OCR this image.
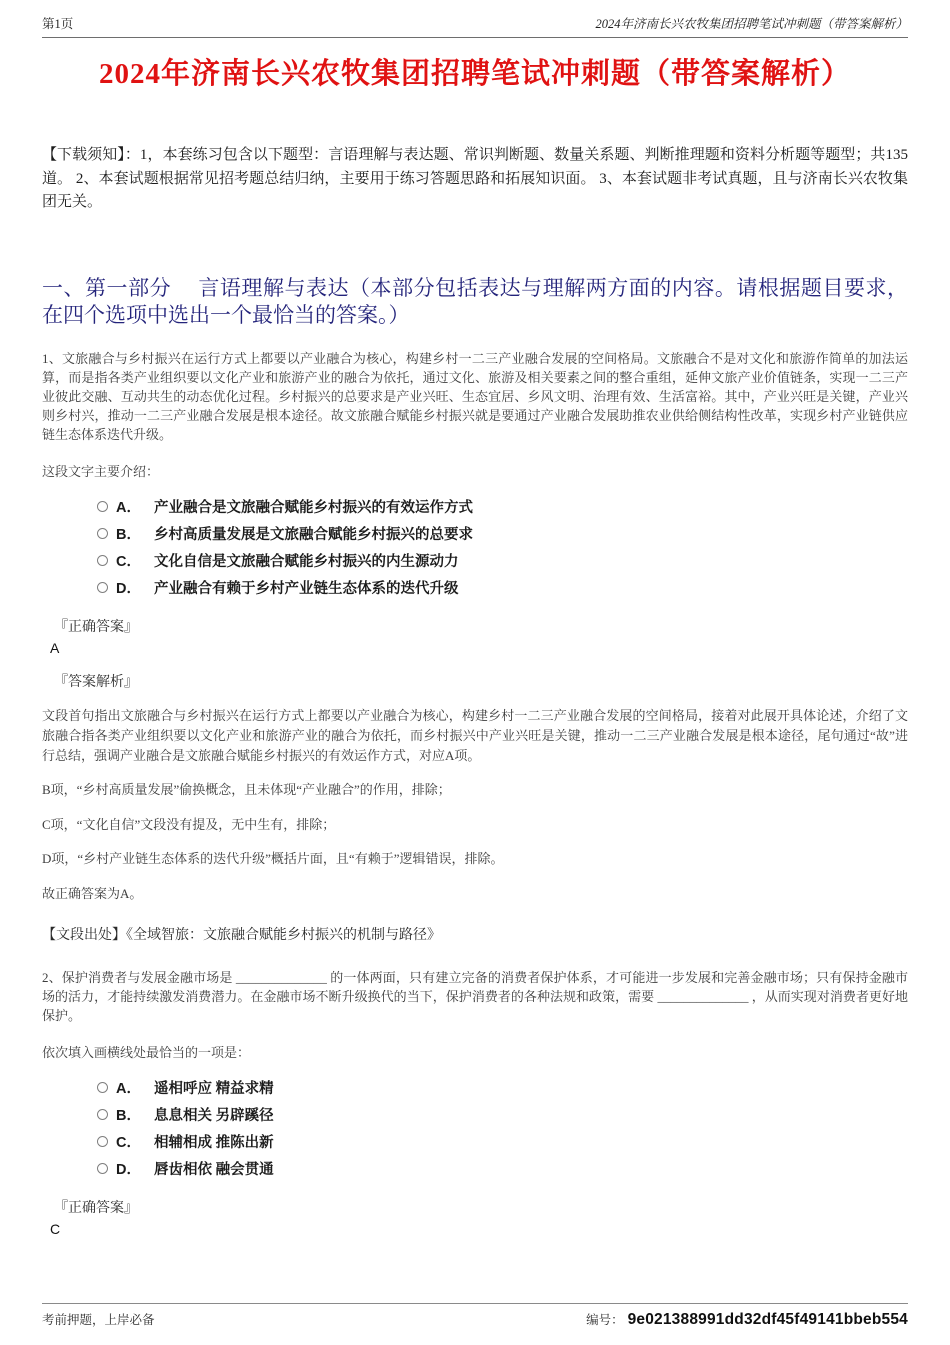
第1页	2024年济南长兴农牧集团招聘笔试冲刺题（带答案解析）
2024年济南长兴农牧集团招聘笔试冲刺题（带答案解析）
【下载须知】：1，本套练习包含以下题型：言语理解与表达题、常识判断题、数量关系题、判断推理题和资料分析题等题型；共135道。 2、本套试题根据常见招考题总结归纳，主要用于练习答题思路和拓展知识面。 3、本套试题非考试真题，且与济南长兴农牧集团无关。
一、第一部分　 言语理解与表达（本部分包括表达与理解两方面的内容。请根据题目要求，在四个选项中选出一个最恰当的答案。）
1、文旅融合与乡村振兴在运行方式上都要以产业融合为核心，构建乡村一二三产业融合发展的空间格局。文旅融合不是对文化和旅游作简单的加法运算，而是指各类产业组织要以文化产业和旅游产业的融合为依托，通过文化、旅游及相关要素之间的整合重组，延伸文旅产业价值链条，实现一二三产业彼此交融、互动共生的动态优化过程。乡村振兴的总要求是产业兴旺、生态宜居、乡风文明、治理有效、生活富裕。其中，产业兴旺是关键，产业兴则乡村兴，推动一二三产业融合发展是根本途径。故文旅融合赋能乡村振兴就是要通过产业融合发展助推农业供给侧结构性改革，实现乡村产业链供应链生态体系迭代升级。
这段文字主要介绍：
A． 产业融合是文旅融合赋能乡村振兴的有效运作方式
B． 乡村高质量发展是文旅融合赋能乡村振兴的总要求
C． 文化自信是文旅融合赋能乡村振兴的内生源动力
D． 产业融合有赖于乡村产业链生态体系的迭代升级
『正确答案』
A
『答案解析』
文段首句指出文旅融合与乡村振兴在运行方式上都要以产业融合为核心，构建乡村一二三产业融合发展的空间格局，接着对此展开具体论述，介绍了文旅融合指各类产业组织要以文化产业和旅游产业的融合为依托，而乡村振兴中产业兴旺是关键，推动一二三产业融合发展是根本途径，尾句通过“故”进行总结，强调产业融合是文旅融合赋能乡村振兴的有效运作方式，对应A项。
B项，“乡村高质量发展”偷换概念，且未体现“产业融合”的作用，排除；
C项，“文化自信”文段没有提及，无中生有，排除；
D项，“乡村产业链生态体系的迭代升级”概括片面，且“有赖于”逻辑错误，排除。
故正确答案为A。
【文段出处】《全域智旅：文旅融合赋能乡村振兴的机制与路径》
2、保护消费者与发展金融市场是 ______________ 的一体两面，只有建立完备的消费者保护体系，才可能进一步发展和完善金融市场；只有保持金融市场的活力，才能持续激发消费潜力。在金融市场不断升级换代的当下，保护消费者的各种法规和政策，需要 ______________ ，从而实现对消费者更好地保护。
依次填入画横线处最恰当的一项是：
A． 遥相呼应 精益求精
B． 息息相关 另辟蹊径
C． 相辅相成 推陈出新
D． 唇齿相依 融会贯通
『正确答案』
C
考前押题，上岸必备	编号： 9e021388991dd32df45f49141bbeb554
